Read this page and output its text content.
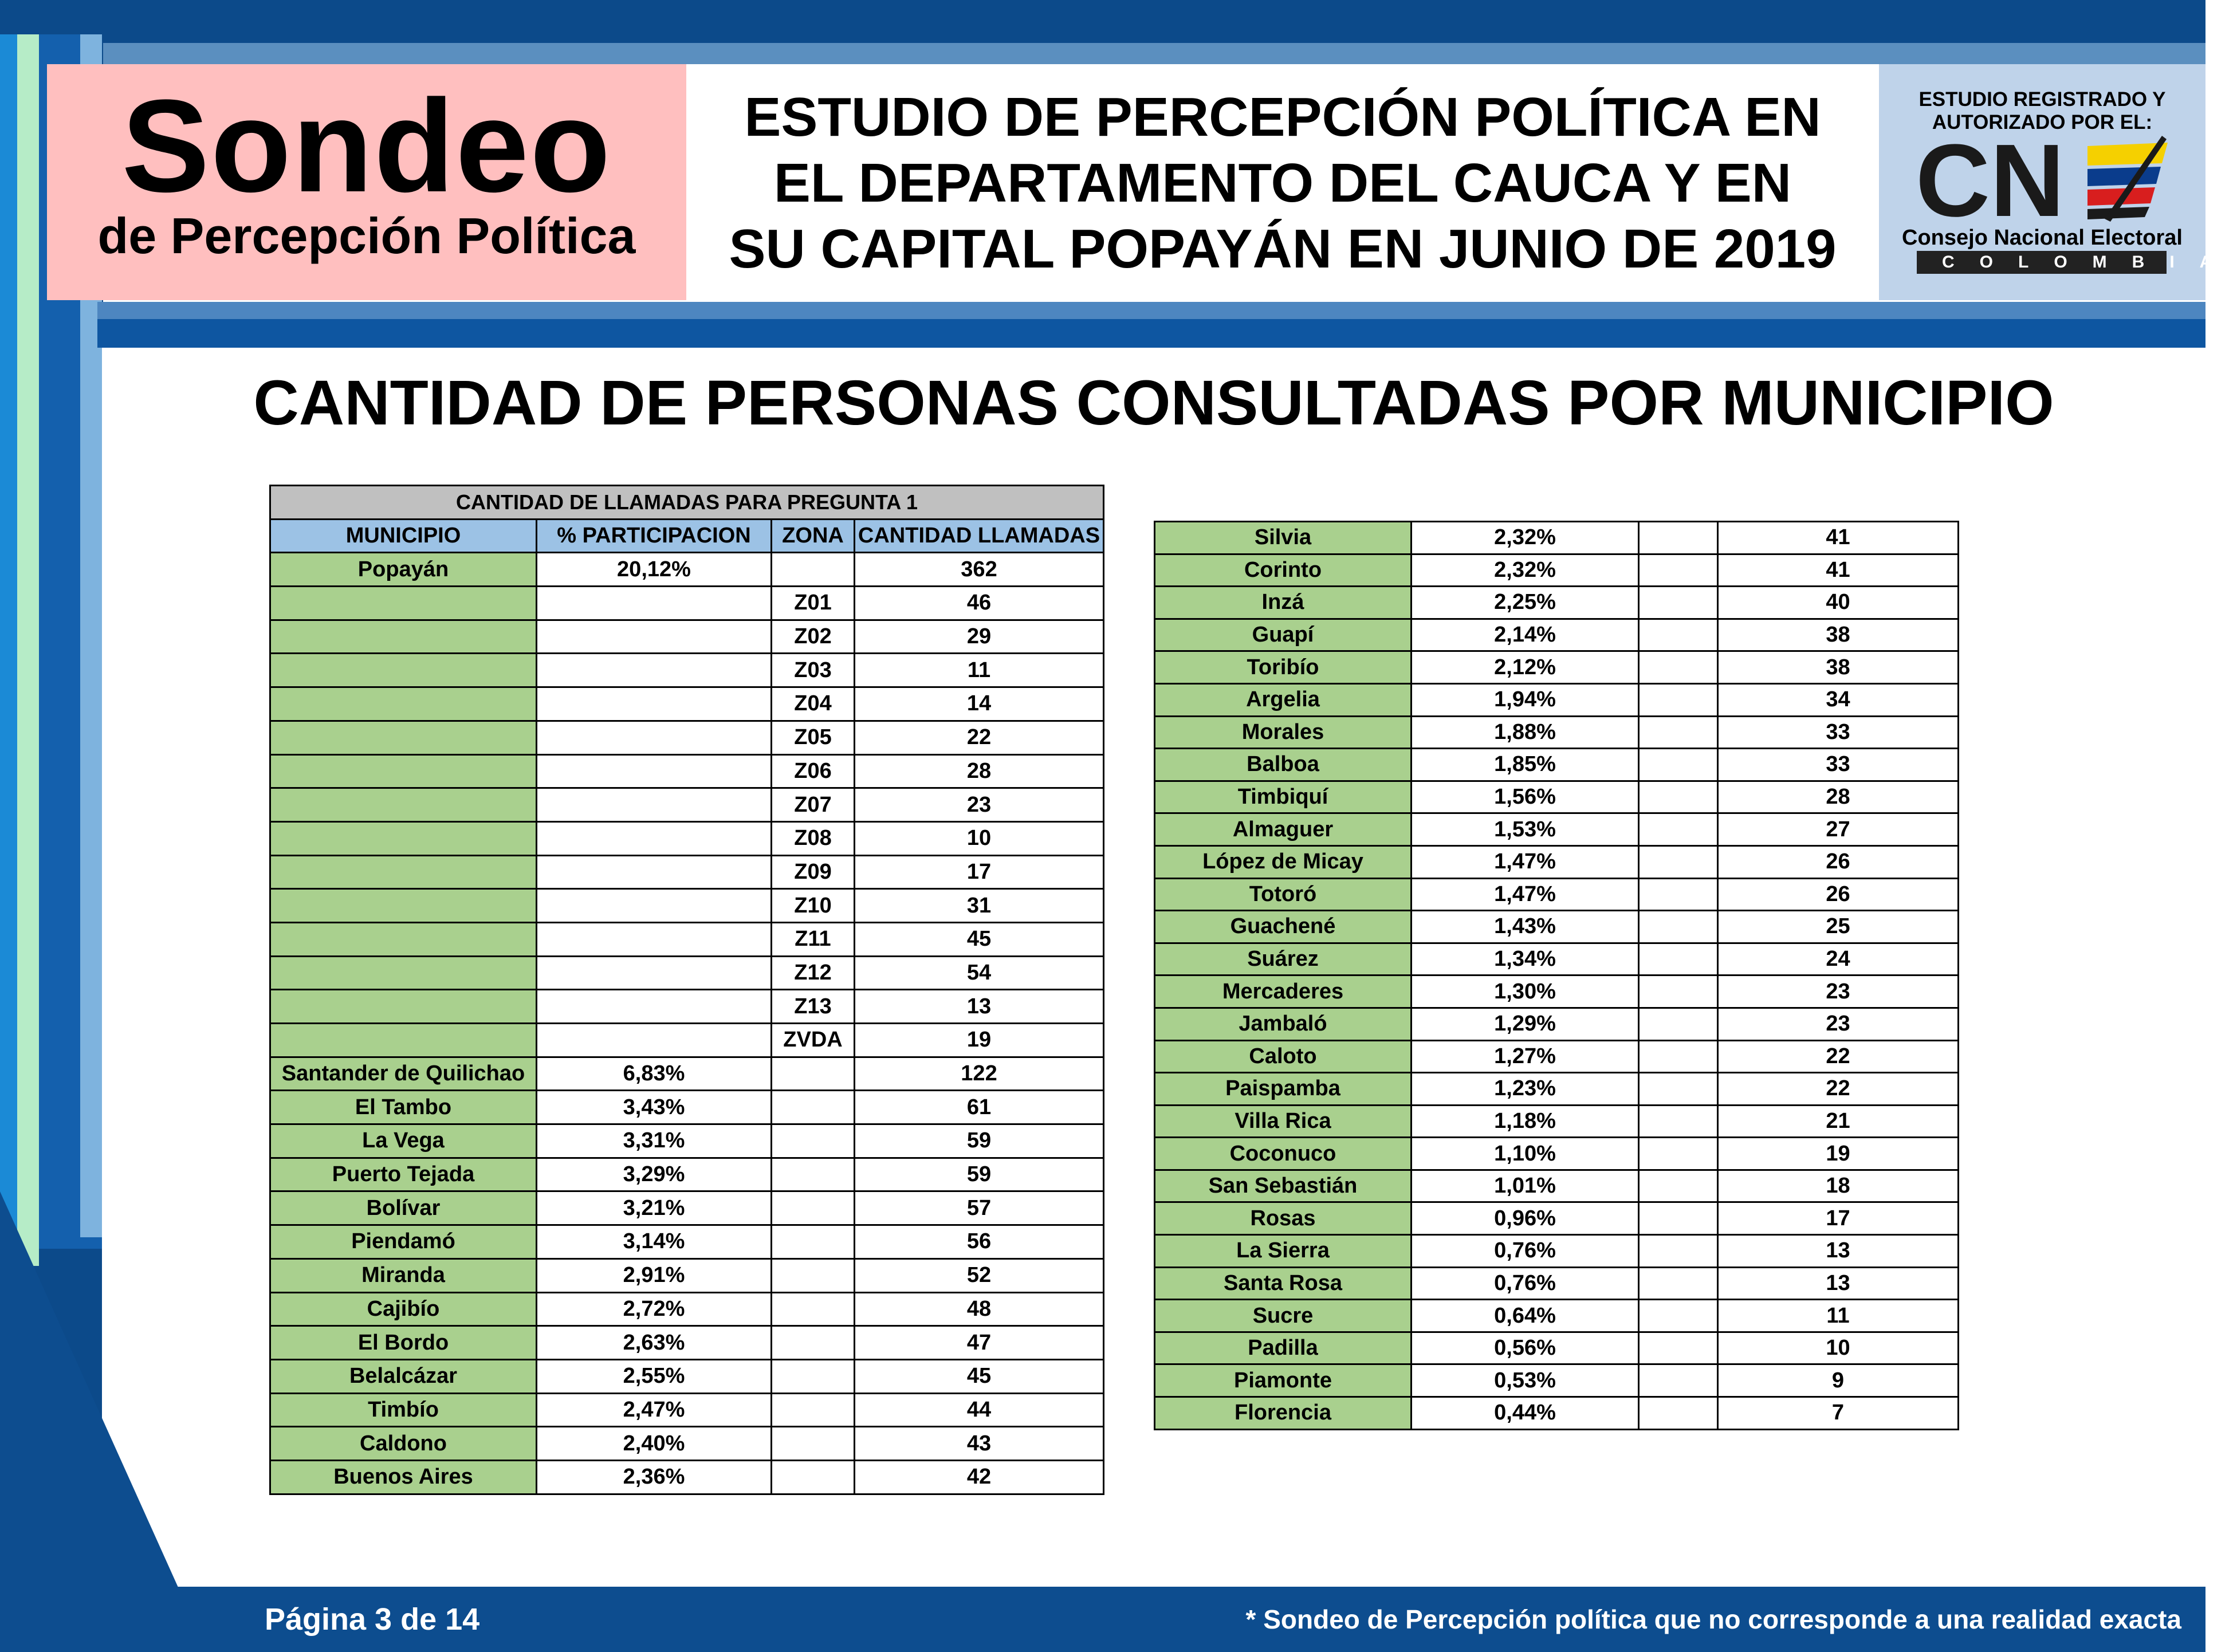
Sondeo
de Percepción Política
ESTUDIO DE PERCEPCIÓN POLÍTICA EN
EL DEPARTAMENTO DEL CAUCA Y EN
SU CAPITAL POPAYÁN EN JUNIO DE 2019
ESTUDIO REGISTRADO Y
AUTORIZADO POR EL:
CN
Consejo Nacional Electoral
COLOMBIA
CANTIDAD DE PERSONAS CONSULTADAS POR MUNICIPIO
CANTIDAD DE LLAMADAS PARA PREGUNTA 1			
MUNICIPIO	% PARTICIPACION	ZONA	CANTIDAD LLAMADAS
Popayán	20,12%		362
		Z01	46
		Z02	29
		Z03	11
		Z04	14
		Z05	22
		Z06	28
		Z07	23
		Z08	10
		Z09	17
		Z10	31
		Z11	45
		Z12	54
		Z13	13
		ZVDA	19
Santander de Quilichao	6,83%		122
El Tambo	3,43%		61
La Vega	3,31%		59
Puerto Tejada	3,29%		59
Bolívar	3,21%		57
Piendamó	3,14%		56
Miranda	2,91%		52
Cajibío	2,72%		48
El Bordo	2,63%		47
Belalcázar	2,55%		45
Timbío	2,47%		44
Caldono	2,40%		43
Buenos Aires	2,36%		42
Silvia	2,32%		41
Corinto	2,32%		41
Inzá	2,25%		40
Guapí	2,14%		38
Toribío	2,12%		38
Argelia	1,94%		34
Morales	1,88%		33
Balboa	1,85%		33
Timbiquí	1,56%		28
Almaguer	1,53%		27
López de Micay	1,47%		26
Totoró	1,47%		26
Guachené	1,43%		25
Suárez	1,34%		24
Mercaderes	1,30%		23
Jambaló	1,29%		23
Caloto	1,27%		22
Paispamba	1,23%		22
Villa Rica	1,18%		21
Coconuco	1,10%		19
San Sebastián	1,01%		18
Rosas	0,96%		17
La Sierra	0,76%		13
Santa Rosa	0,76%		13
Sucre	0,64%		11
Padilla	0,56%		10
Piamonte	0,53%		9
Florencia	0,44%		7
Página 3 de 14	* Sondeo de Percepción política que no corresponde a una realidad exacta
